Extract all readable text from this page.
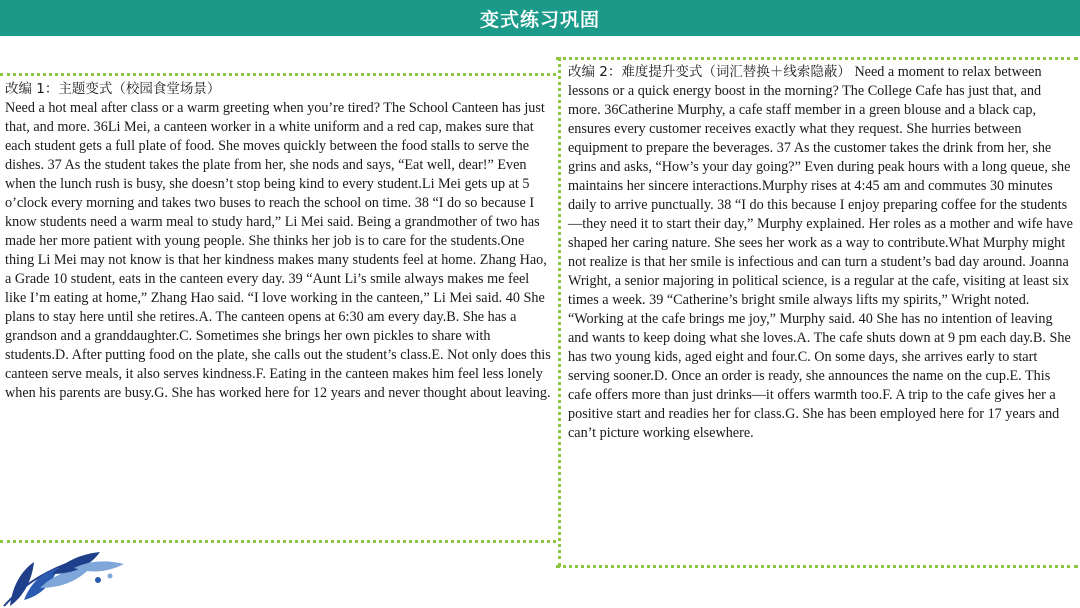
变式练习巩固
改编 1：主题变式（校园食堂场景）
Need a hot meal after class or a warm greeting when you’re tired? The School Canteen has just that, and more. 36Li Mei, a canteen worker in a white uniform and a red cap, makes sure that each student gets a full plate of food. She moves quickly between the food stalls to serve the dishes. 37 As the student takes the plate from her, she nods and says, “Eat well, dear!” Even when the lunch rush is busy, she doesn’t stop being kind to every student.Li Mei gets up at 5 o’clock every morning and takes two buses to reach the school on time. 38 “I do so because I know students need a warm meal to study hard,” Li Mei said. Being a grandmother of two has made her more patient with young people. She thinks her job is to care for the students.One thing Li Mei may not know is that her kindness makes many students feel at home. Zhang Hao, a Grade 10 student, eats in the canteen every day. 39 “Aunt Li’s smile always makes me feel like I’m eating at home,” Zhang Hao said. “I love working in the canteen,” Li Mei said. 40 She plans to stay here until she retires.A. The canteen opens at 6:30 am every day.B. She has a grandson and a granddaughter.C. Sometimes she brings her own pickles to share with students.D. After putting food on the plate, she calls out the student’s class.E. Not only does this canteen serve meals, it also serves kindness.F. Eating in the canteen makes him feel less lonely when his parents are busy.G. She has worked here for 12 years and never thought about leaving.
改编 2：难度提升变式（词汇替换＋线索隐蔽） Need a moment to relax between lessons or a quick energy boost in the morning? The College Cafe has just that, and more. 36Catherine Murphy, a cafe staff member in a green blouse and a black cap, ensures every customer receives exactly what they request. She hurries between equipment to prepare the beverages. 37 As the customer takes the drink from her, she grins and asks, “How’s your day going?” Even during peak hours with a long queue, she maintains her sincere interactions.Murphy rises at 4:45 am and commutes 30 minutes daily to arrive punctually. 38 “I do this because I enjoy preparing coffee for the students—they need it to start their day,” Murphy explained. Her roles as a mother and wife have shaped her caring nature. She sees her work as a way to contribute.What Murphy might not realize is that her smile is infectious and can turn a student’s bad day around. Joanna Wright, a senior majoring in political science, is a regular at the cafe, visiting at least six times a week. 39 “Catherine’s bright smile always lifts my spirits,” Wright noted. “Working at the cafe brings me joy,” Murphy said. 40 She has no intention of leaving and wants to keep doing what she loves.A. The cafe shuts down at 9 pm each day.B. She has two young kids, aged eight and four.C. On some days, she arrives early to start serving sooner.D. Once an order is ready, she announces the name on the cup.E. This cafe offers more than just drinks—it offers warmth too.F. A trip to the cafe gives her a positive start and readies her for class.G. She has been employed here for 17 years and can’t picture working elsewhere.
